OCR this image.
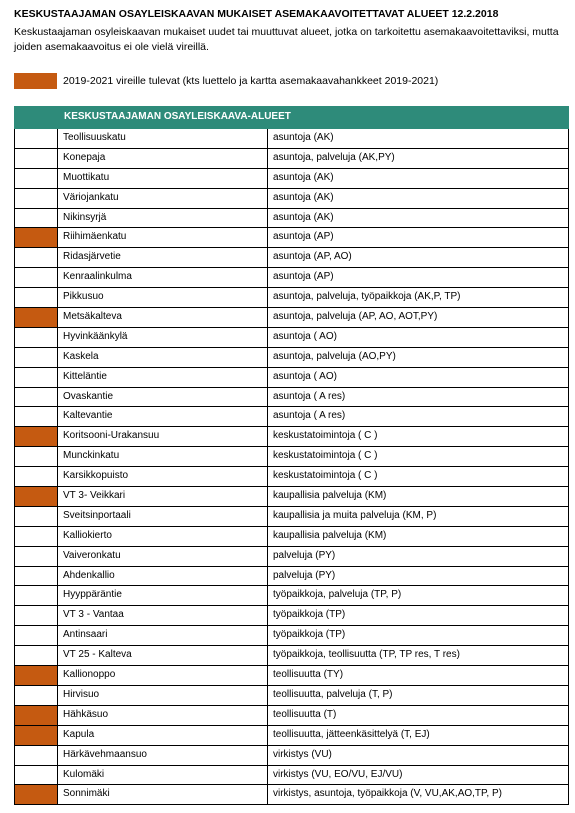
KESKUSTAAJAMAN OSAYLEISKAAVAN MUKAISET ASEMAKAAVOITETTAVAT ALUEET 12.2.2018
Keskustaajaman osyleiskaavan mukaiset uudet tai muuttuvat alueet, jotka on tarkoitettu asemakaavoitettaviksi, mutta joiden asemakaavoitus ei ole vielä vireillä.
2019-2021 vireille tulevat (kts luettelo ja kartta asemakaavahankkeet 2019-2021)
KESKUSTAAJAMAN OSAYLEISKAAVA-ALUEET
Teollisuuskatu	asuntoja (AK)
Konepaja	asuntoja, palveluja (AK,PY)
Muottikatu	asuntoja (AK)
Väriojankatu	asuntoja (AK)
Nikinsyrjä	asuntoja (AK)
Riihimäenkatu	asuntoja (AP)
Ridasjärvetie	asuntoja (AP, AO)
Kenraalinkulma	asuntoja (AP)
Pikkusuo	asuntoja, palveluja, työpaikkoja (AK,P, TP)
Metsäkalteva	asuntoja, palveluja (AP, AO, AOT,PY)
Hyvinkäänkylä	asuntoja ( AO)
Kaskela	asuntoja, palveluja (AO,PY)
Kitteläntie	asuntoja ( AO)
Ovaskantie	asuntoja ( A res)
Kaltevantie	asuntoja ( A res)
Koritsooni-Urakansuu	keskustatoimintoja ( C )
Munckinkatu	keskustatoimintoja ( C )
Karsikkopuisto	keskustatoimintoja ( C )
VT 3- Veikkari	kaupallisia palveluja (KM)
Sveitsinportaali	kaupallisia ja muita palveluja (KM, P)
Kalliokierto	kaupallisia palveluja (KM)
Vaiveronkatu	palveluja (PY)
Ahdenkallio	palveluja (PY)
Hyyppäräntie	työpaikkoja, palveluja (TP, P)
VT 3 - Vantaa	työpaikkoja (TP)
Antinsaari	työpaikkoja (TP)
VT 25 - Kalteva	työpaikkoja, teollisuutta (TP, TP res, T res)
Kallionoppo	teollisuutta (TY)
Hirvisuo	teollisuutta, palveluja (T, P)
Hähkäsuo	teollisuutta (T)
Kapula	teollisuutta, jätteenkäsittelyä (T, EJ)
Härkävehmaansuo	virkistys (VU)
Kulomäki	virkistys (VU, EO/VU, EJ/VU)
Sonnimäki	virkistys, asuntoja, työpaikkoja (V, VU,AK,AO,TP, P)
